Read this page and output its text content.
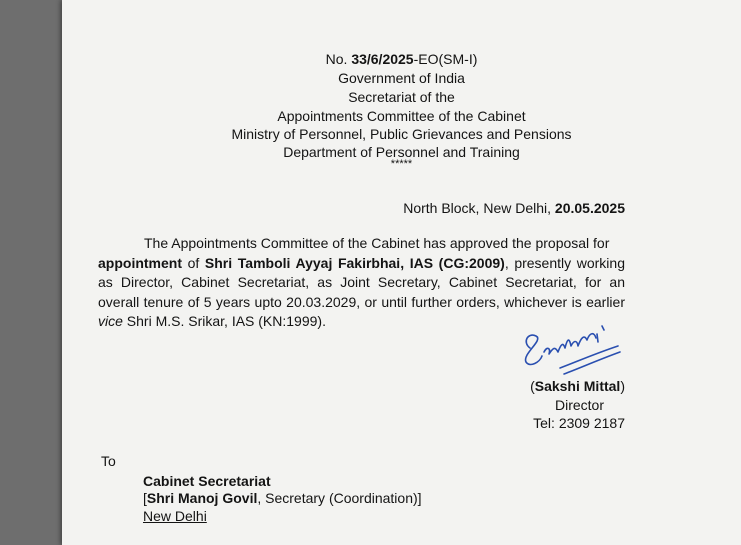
No. 33/6/2025-EO(SM-I)
Government of India
Secretariat of the
Appointments Committee of the Cabinet
Ministry of Personnel, Public Grievances and Pensions
Department of Personnel and Training
*****
North Block, New Delhi, 20.05.2025

The Appointments Committee of the Cabinet has approved the proposal for

appointment of Shri Tamboli Ayyaj Fakirbhai, IAS (CG:2009), presently working as Director, Cabinet Secretariat, as Joint Secretary, Cabinet Secretariat, for an overall tenure of 5 years upto 20.03.2029, or until further orders, whichever is earlier vice Shri M.S. Srikar, IAS (KN:1999).

(Sakshi Mittal)
Director
Tel: 2309 2187
To
Cabinet Secretariat
[Shri Manoj Govil, Secretary (Coordination)]
New Delhi
